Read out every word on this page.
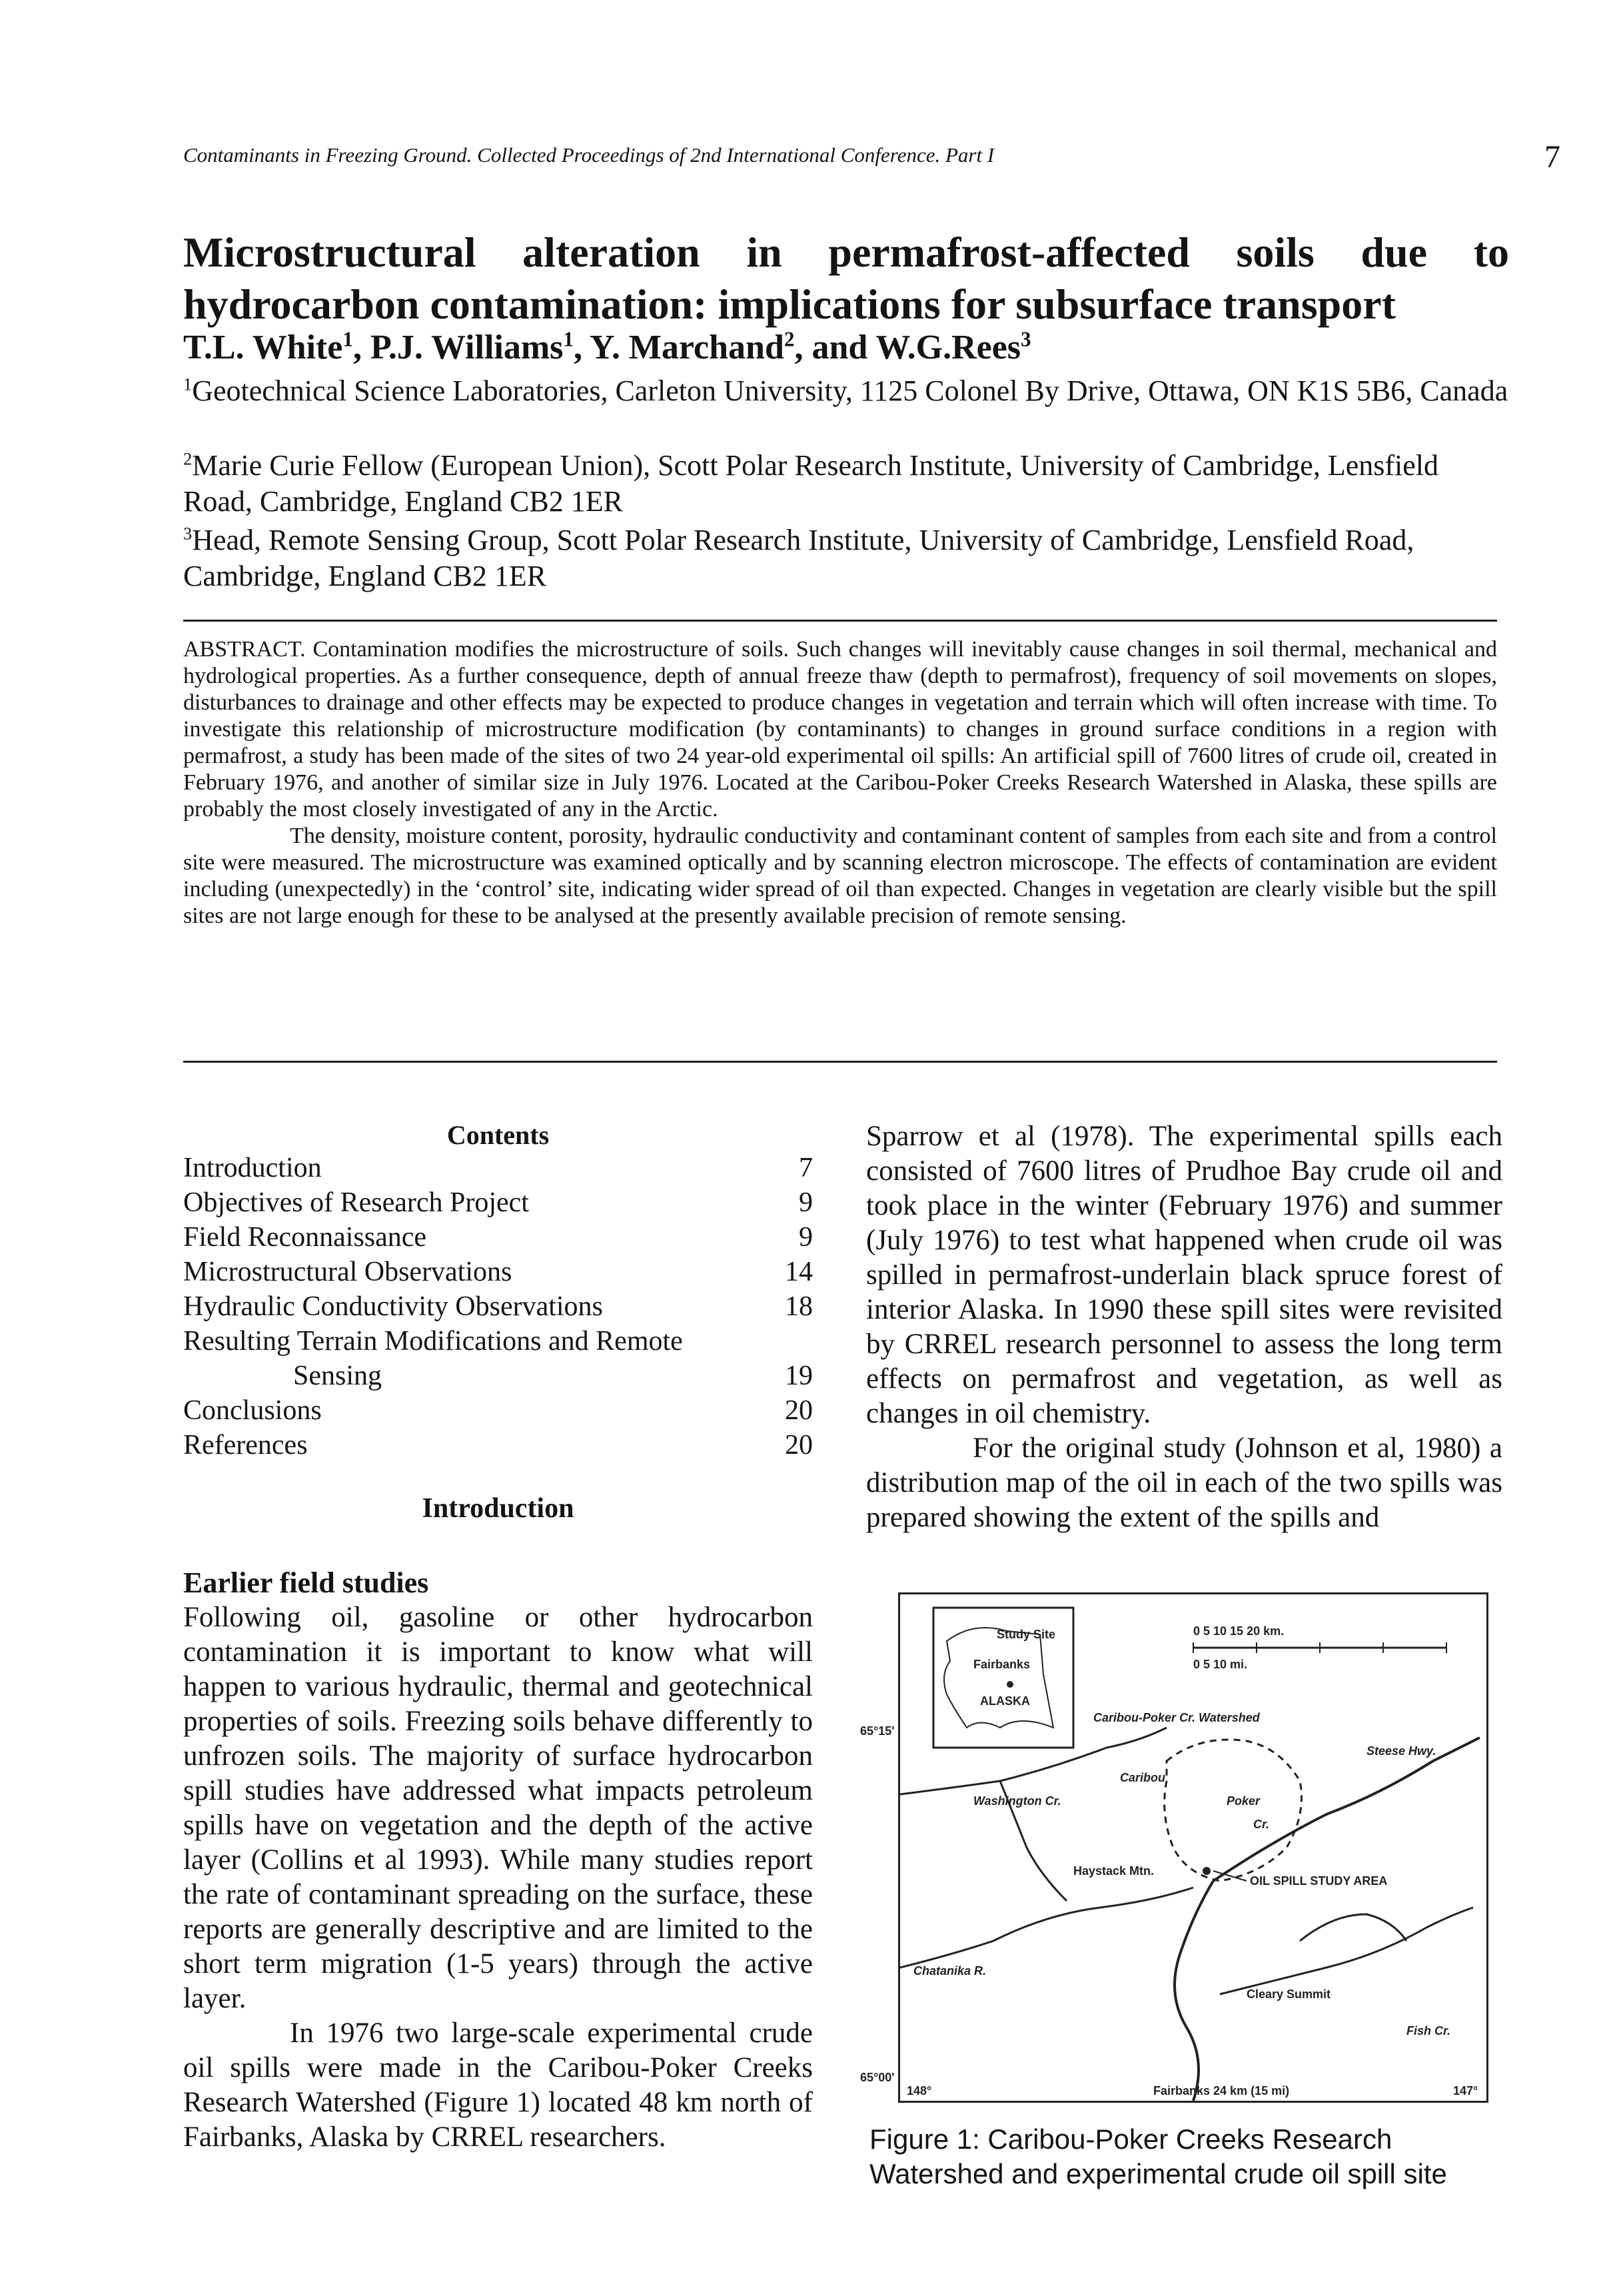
Contaminants in Freezing Ground. Collected Proceedings of 2nd International Conference. Part I	7
Microstructural alteration in permafrost-affected soils due to
hydrocarbon contamination: implications for subsurface transport
T.L. White$^1$, P.J. Williams$^1$, Y. Marchand$^2$, and W.G.Rees$^3$
$^1$Geotechnical Science Laboratories, Carleton University, 1125 Colonel By Drive, Ottawa, ON K1S 5B6, Canada
$^2$Marie Curie Fellow (European Union), Scott Polar Research Institute, University of Cambridge, Lensfield Road, Cambridge, England CB2 1ER
$^3$Head, Remote Sensing Group, Scott Polar Research Institute, University of Cambridge, Lensfield Road, Cambridge, England CB2 1ER

ABSTRACT. Contamination modifies the microstructure of soils. Such changes will inevitably cause changes in soil thermal, mechanical and hydrological properties. As a further consequence, depth of annual freeze thaw (depth to permafrost), frequency of soil movements on slopes, disturbances to drainage and other effects may be expected to produce changes in vegetation and terrain which will often increase with time. To investigate this relationship of microstructure modification (by contaminants) to changes in ground surface conditions in a region with permafrost, a study has been made of the sites of two 24 year-old experimental oil spills: An artificial spill of 7600 litres of crude oil, created in February 1976, and another of similar size in July 1976. Located at the Caribou-Poker Creeks Research Watershed in Alaska, these spills are probably the most closely investigated of any in the Arctic.

The density, moisture content, porosity, hydraulic conductivity and contaminant content of samples from each site and from a control site were measured. The microstructure was examined optically and by scanning electron microscope. The effects of contamination are evident including (unexpectedly) in the ‘control’ site, indicating wider spread of oil than expected. Changes in vegetation are clearly visible but the spill sites are not large enough for these to be analysed at the presently available precision of remote sensing.

Contents
Introduction	7
Objectives of Research Project	9
Field Reconnaissance	9
Microstructural Observations	14
Hydraulic Conductivity Observations	18
Resulting Terrain Modifications and Remote
Sensing	19
Conclusions	20
References	20
Introduction
Earlier field studies

Following oil, gasoline or other hydrocarbon contamination it is important to know what will happen to various hydraulic, thermal and geotechnical properties of soils. Freezing soils behave differently to unfrozen soils. The majority of surface hydrocarbon spill studies have addressed what impacts petroleum spills have on vegetation and the depth of the active layer (Collins et al 1993). While many studies report the rate of contaminant spreading on the surface, these reports are generally descriptive and are limited to the short term migration (1-5 years) through the active layer.

In 1976 two large-scale experimental crude oil spills were made in the Caribou-Poker Creeks Research Watershed (Figure 1) located 48 km north of Fairbanks, Alaska by CRREL researchers.

Sparrow et al (1978). The experimental spills each consisted of 7600 litres of Prudhoe Bay crude oil and took place in the winter (February 1976) and summer (July 1976) to test what happened when crude oil was spilled in permafrost-underlain black spruce forest of interior Alaska. In 1990 these spill sites were revisited by CRREL research personnel to assess the long term effects on permafrost and vegetation, as well as changes in oil chemistry.

For the original study (Johnson et al, 1980) a distribution map of the oil in each of the two spills was prepared showing the extent of the spills and

Study Site
Fairbanks
ALASKA
65°15'
65°00'
148°	147°
0 5 10 15 20 km.
0 5 10 mi.
Caribou-Poker Cr. Watershed
Steese Hwy.
Washington Cr.
Caribou
Poker
Cr.
Haystack Mtn.
OIL SPILL STUDY AREA
Chatanika R.
Cleary Summit
Fish Cr.
Fairbanks 24 km (15 mi)
Figure 1: Caribou-Poker Creeks Research Watershed and experimental crude oil spill site
